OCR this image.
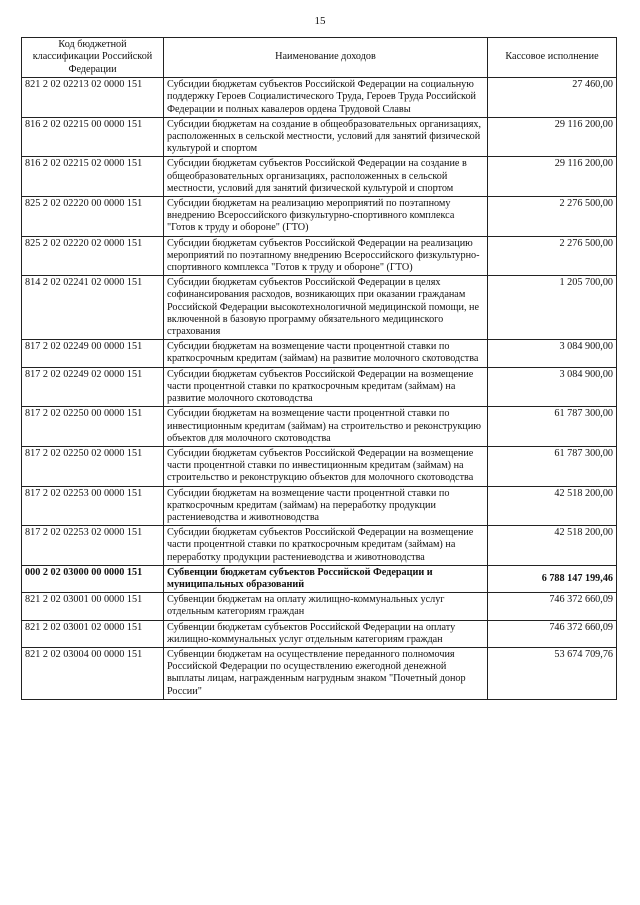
15
Код бюджетной классификации Российской Федерации	Наименование доходов	Кассовое исполнение
821 2 02 02213 02 0000 151	Субсидии бюджетам субъектов Российской Федерации на социальную поддержку Героев Социалистического Труда, Героев Труда Российской Федерации и полных кавалеров ордена Трудовой Славы	27 460,00
816 2 02 02215 00 0000 151	Субсидии бюджетам на создание в общеобразовательных организациях, расположенных в сельской местности, условий для занятий физической культурой и спортом	29 116 200,00
816 2 02 02215 02 0000 151	Субсидии бюджетам субъектов Российской Федерации на создание в общеобразовательных организациях, расположенных в сельской местности, условий для занятий физической культурой и спортом	29 116 200,00
825 2 02 02220 00 0000 151	Субсидии бюджетам на реализацию мероприятий по поэтапному внедрению Всероссийского физкультурно-спортивного комплекса "Готов к труду и обороне" (ГТО)	2 276 500,00
825 2 02 02220 02 0000 151	Субсидии бюджетам субъектов Российской Федерации на реализацию мероприятий по поэтапному внедрению Всероссийского физкультурно-спортивного комплекса "Готов к труду и обороне" (ГТО)	2 276 500,00
814 2 02 02241 02 0000 151	Субсидии бюджетам субъектов Российской Федерации в целях софинансирования расходов, возникающих при оказании гражданам Российской Федерации высокотехнологичной медицинской помощи, не включенной в базовую программу обязательного медицинского страхования	1 205 700,00
817 2 02 02249 00 0000 151	Субсидии бюджетам на возмещение части процентной ставки по краткосрочным кредитам (займам) на развитие молочного скотоводства	3 084 900,00
817 2 02 02249 02 0000 151	Субсидии бюджетам субъектов Российской Федерации на возмещение части процентной ставки по краткосрочным кредитам (займам) на развитие молочного скотоводства	3 084 900,00
817 2 02 02250 00 0000 151	Субсидии бюджетам на возмещение части процентной ставки по инвестиционным кредитам (займам) на строительство и реконструкцию объектов для молочного скотоводства	61 787 300,00
817 2 02 02250 02 0000 151	Субсидии бюджетам субъектов Российской Федерации на возмещение части процентной ставки по инвестиционным кредитам (займам) на строительство и реконструкцию объектов для молочного скотоводства	61 787 300,00
817 2 02 02253 00 0000 151	Субсидии бюджетам на возмещение части процентной ставки по краткосрочным кредитам (займам) на переработку продукции растениеводства и животноводства	42 518 200,00
817 2 02 02253 02 0000 151	Субсидии бюджетам субъектов Российской Федерации на возмещение части процентной ставки по краткосрочным кредитам (займам) на переработку продукции растениеводства и животноводства	42 518 200,00
000 2 02 03000 00 0000 151	Субвенции бюджетам субъектов Российской Федерации и муниципальных образований	6 788 147 199,46
821 2 02 03001 00 0000 151	Субвенции бюджетам на оплату жилищно-коммунальных услуг отдельным категориям граждан	746 372 660,09
821 2 02 03001 02 0000 151	Субвенции бюджетам субъектов Российской Федерации на оплату жилищно-коммунальных услуг отдельным категориям граждан	746 372 660,09
821 2 02 03004 00 0000 151	Субвенции бюджетам на осуществление переданного полномочия Российской Федерации по осуществлению ежегодной денежной выплаты лицам, награжденным нагрудным знаком "Почетный донор России"	53 674 709,76
